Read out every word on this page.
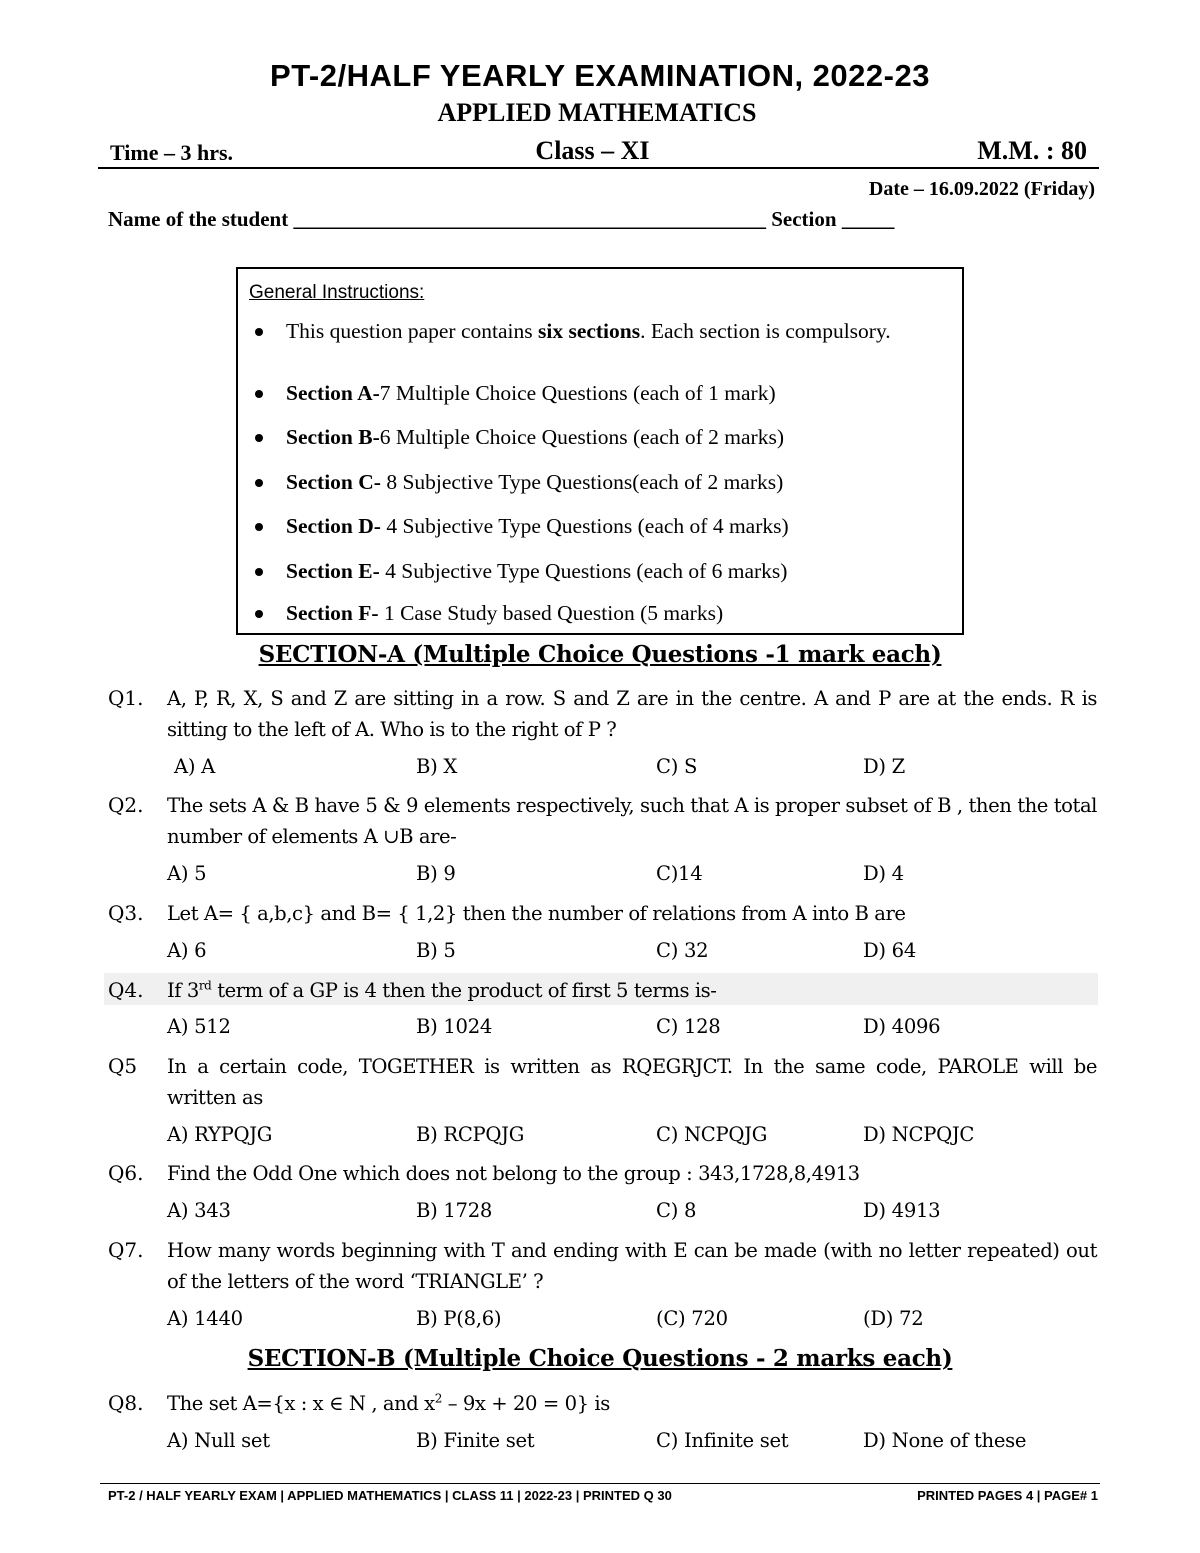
PT-2/HALF YEARLY EXAMINATION, 2022-23
APPLIED MATHEMATICS
Time – 3 hrs.	Class – XI	M.M. : 80
Date – 16.09.2022 (Friday)
Name of the student _____________________________________________ Section _____
General Instructions:
This question paper contains six sections. Each section is compulsory.
Section A-7 Multiple Choice Questions (each of 1 mark)
Section B-6 Multiple Choice Questions (each of 2 marks)
Section C- 8 Subjective Type Questions(each of 2 marks)
Section D- 4 Subjective Type Questions (each of 4 marks)
Section E- 4 Subjective Type Questions (each of 6 marks)
Section F- 1 Case Study based Question (5 marks)
SECTION-A (Multiple Choice Questions -1 mark each)
Q1. A, P, R, X, S and Z are sitting in a row. S and Z are in the centre. A and P are at the ends. R is sitting to the left of A. Who is to the right of P ?
A) A	B) X	C) S	D) Z
Q2. The sets A & B have 5 & 9 elements respectively, such that A is proper subset of B , then the total number of elements A ∪B are-
A) 5	B) 9	C)14	D) 4
Q3. Let A= { a,b,c} and B= { 1,2} then the number of relations from A into B are
A) 6	B) 5	C) 32	D) 64
Q4. If 3rd term of a GP is 4 then the product of first 5 terms is-
A) 512	B) 1024	C) 128	D) 4096
Q5 In a certain code, TOGETHER is written as RQEGRJCT. In the same code, PAROLE will be written as
A) RYPQJG	B) RCPQJG	C) NCPQJG	D) NCPQJC
Q6. Find the Odd One which does not belong to the group : 343,1728,8,4913
A) 343	B) 1728	C) 8	D) 4913
Q7. How many words beginning with T and ending with E can be made (with no letter repeated) out of the letters of the word ‘TRIANGLE’ ?
A) 1440	B) P(8,6)	(C) 720	(D) 72
SECTION-B (Multiple Choice Questions - 2 marks each)
Q8. The set A={x : x ∈ N , and $x^2 - 9x + 20 = 0$} is
A) Null set	B) Finite set	C) Infinite set	D) None of these
PT-2 / HALF YEARLY EXAM | APPLIED MATHEMATICS | CLASS 11 | 2022-23 | PRINTED Q 30	PRINTED PAGES 4 | PAGE# 1
